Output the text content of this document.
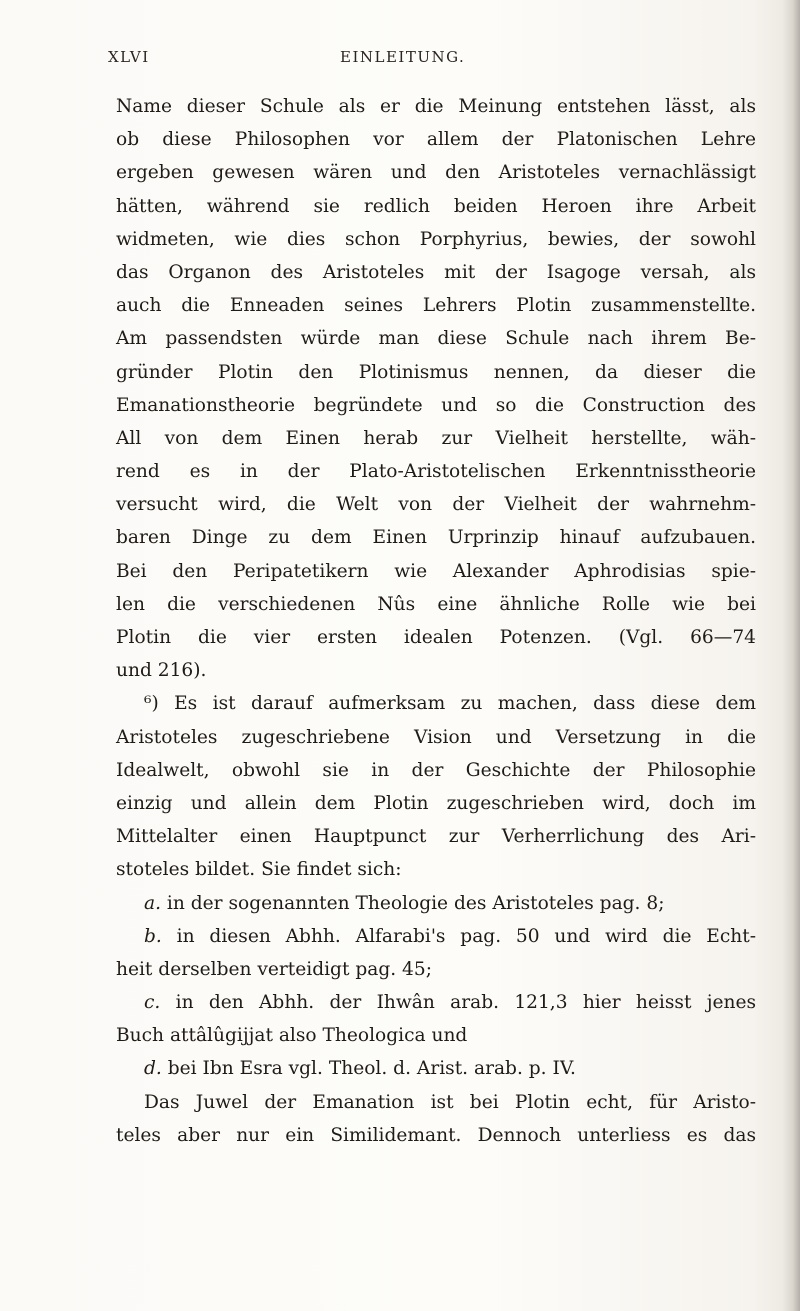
XLVI	EINLEITUNG.
Name dieser Schule als er die Meinung entstehen lässt, als
ob diese Philosophen vor allem der Platonischen Lehre
ergeben gewesen wären und den Aristoteles vernachlässigt
hätten, während sie redlich beiden Heroen ihre Arbeit
widmeten, wie dies schon Porphyrius, bewies, der sowohl
das Organon des Aristoteles mit der Isagoge versah, als
auch die Enneaden seines Lehrers Plotin zusammenstellte.
Am passendsten würde man diese Schule nach ihrem Be-
gründer Plotin den Plotinismus nennen, da dieser die
Emanationstheorie begründete und so die Construction des
All von dem Einen herab zur Vielheit herstellte, wäh-
rend es in der Plato-Aristotelischen Erkenntnisstheorie
versucht wird, die Welt von der Vielheit der wahrnehm-
baren Dinge zu dem Einen Urprinzip hinauf aufzubauen.
Bei den Peripatetikern wie Alexander Aphrodisias spie-
len die verschiedenen Nûs eine ähnliche Rolle wie bei
Plotin die vier ersten idealen Potenzen. (Vgl. 66—74
und 216).
⁶) Es ist darauf aufmerksam zu machen, dass diese dem
Aristoteles zugeschriebene Vision und Versetzung in die
Idealwelt, obwohl sie in der Geschichte der Philosophie
einzig und allein dem Plotin zugeschrieben wird, doch im
Mittelalter einen Hauptpunct zur Verherrlichung des Ari-
stoteles bildet. Sie findet sich:
a. in der sogenannten Theologie des Aristoteles pag. 8;
b. in diesen Abhh. Alfarabi's pag. 50 und wird die Echt-
heit derselben verteidigt pag. 45;
c. in den Abhh. der Ihwân arab. 121,3 hier heisst jenes
Buch attâlûgijjat also Theologica und
d. bei Ibn Esra vgl. Theol. d. Arist. arab. p. IV.
Das Juwel der Emanation ist bei Plotin echt, für Aristo-
teles aber nur ein Similidemant. Dennoch unterliess es das
